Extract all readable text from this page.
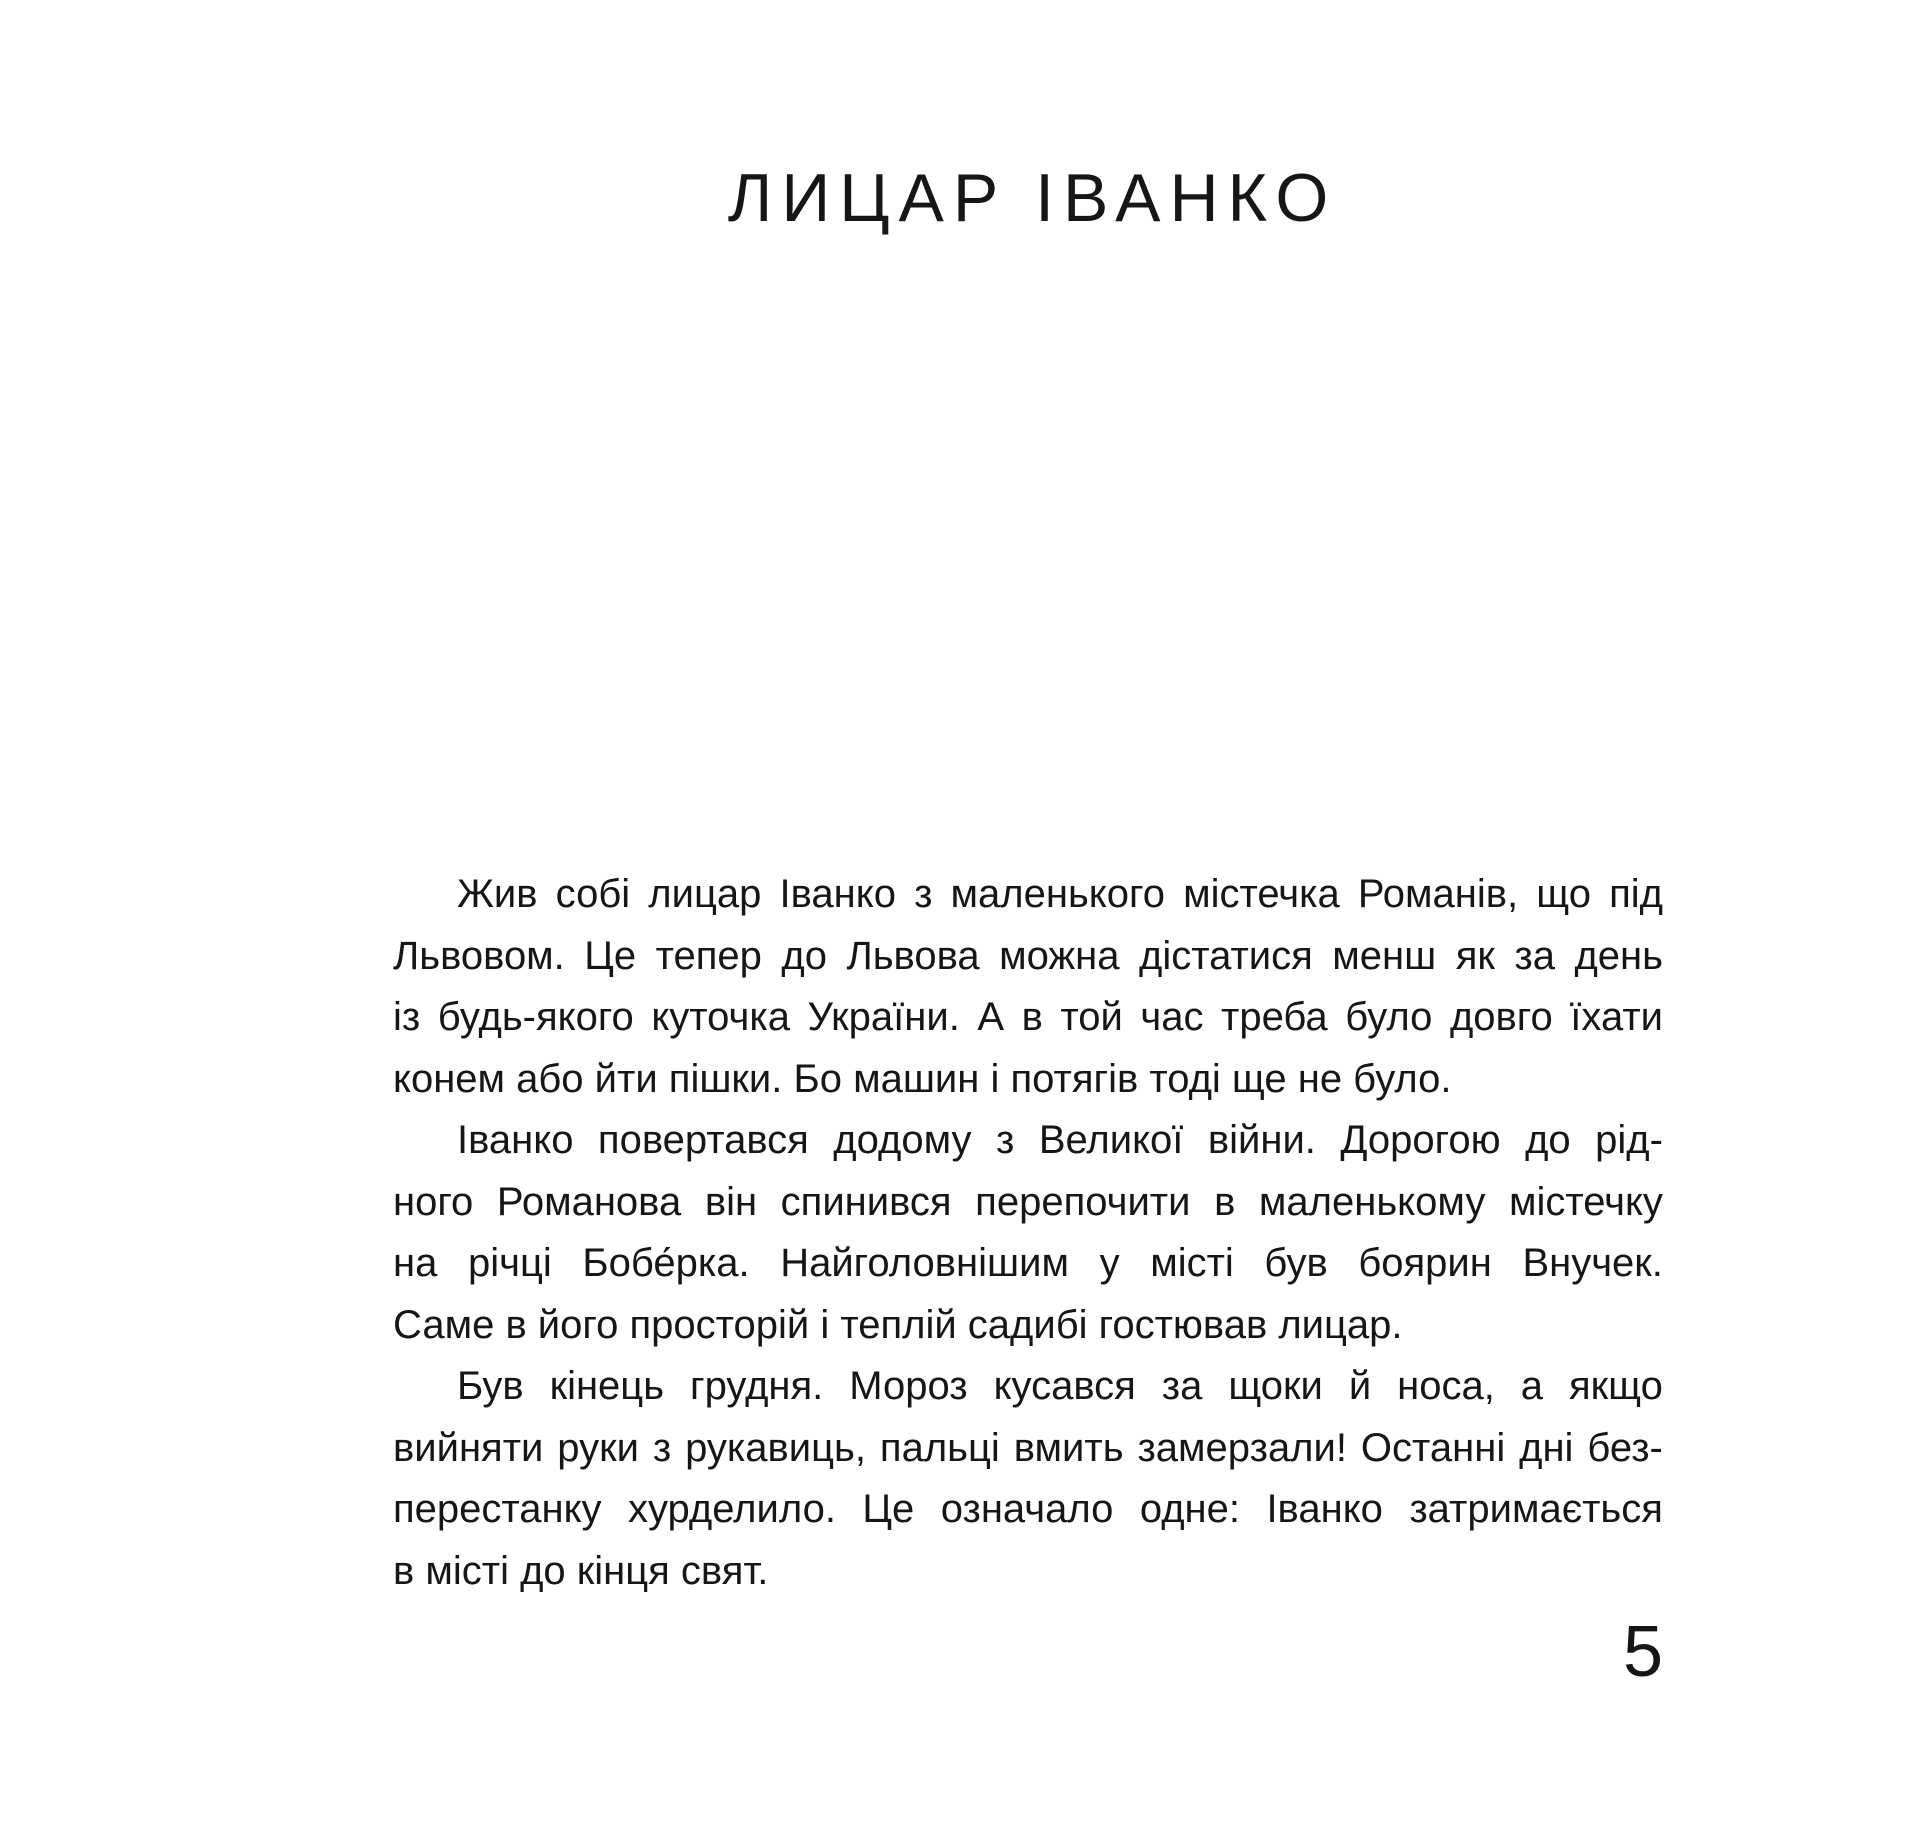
ЛИЦАР ІВАНКО
Жив собі лицар Іванко з маленького містечка Романів, що під
Львовом. Це тепер до Львова можна дістатися менш як за день
із будь-якого куточка України. А в той час треба було довго їхати
конем або йти пішки. Бо машин і потягів тоді ще не було.
Іванко повертався додому з Великої війни. Дорогою до рід-
ного Романова він спинився перепочити в маленькому містечку
на річці Бобе́рка. Найголовнішим у місті був боярин Внучек.
Саме в його просторій і теплій садибі гостював лицар.
Був кінець грудня. Мороз кусався за щоки й носа, а якщо
вийняти руки з рукавиць, пальці вмить замерзали! Останні дні без-
перестанку хурделило. Це означало одне: Іванко затримається
в місті до кінця свят.
5
